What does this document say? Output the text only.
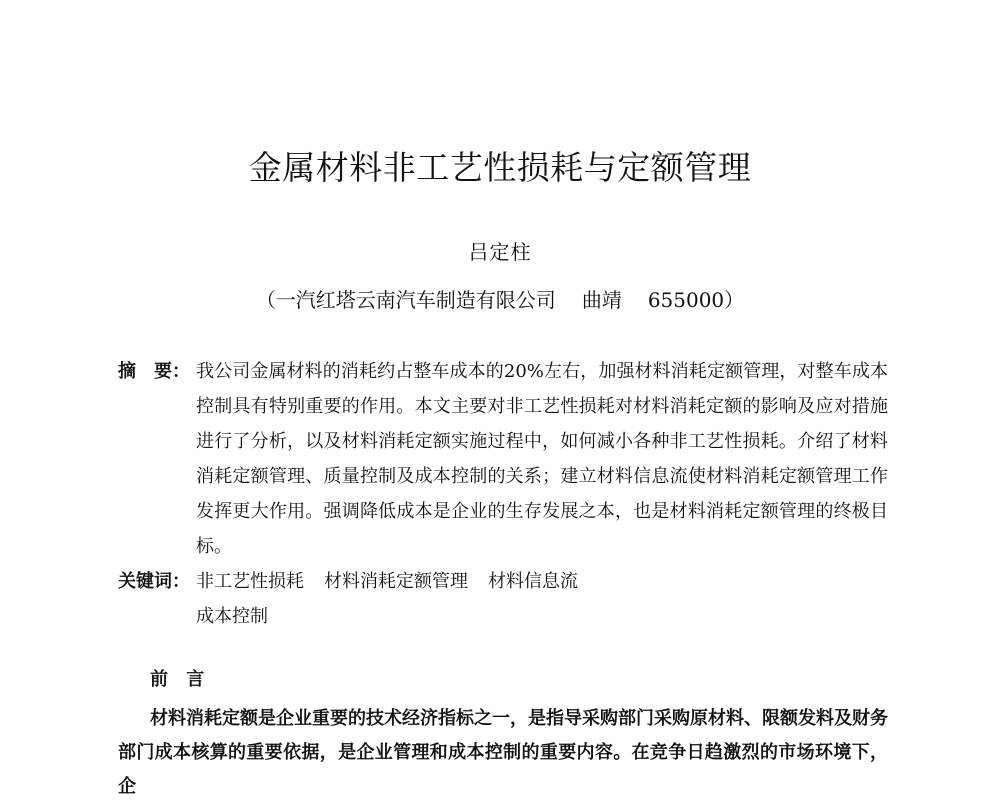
金属材料非工艺性损耗与定额管理
吕定柱
（一汽红塔云南汽车制造有限公司 曲靖 655000）
摘　要： 我公司金属材料的消耗约占整车成本的20%左右，加强材料消耗定额管理，对整车成本控制具有特别重要的作用。本文主要对非工艺性损耗对材料消耗定额的影响及应对措施进行了分析，以及材料消耗定额实施过程中，如何减小各种非工艺性损耗。介绍了材料消耗定额管理、质量控制及成本控制的关系；建立材料信息流使材料消耗定额管理工作发挥更大作用。强调降低成本是企业的生存发展之本，也是材料消耗定额管理的终极目标。
关键词： 非工艺性损耗 材料消耗定额管理 材料信息流
成本控制
前 言
材料消耗定额是企业重要的技术经济指标之一，是指导采购部门采购原材料、限额发料及财务部门成本核算的重要依据，是企业管理和成本控制的重要内容。在竞争日趋激烈的市场环境下，企
